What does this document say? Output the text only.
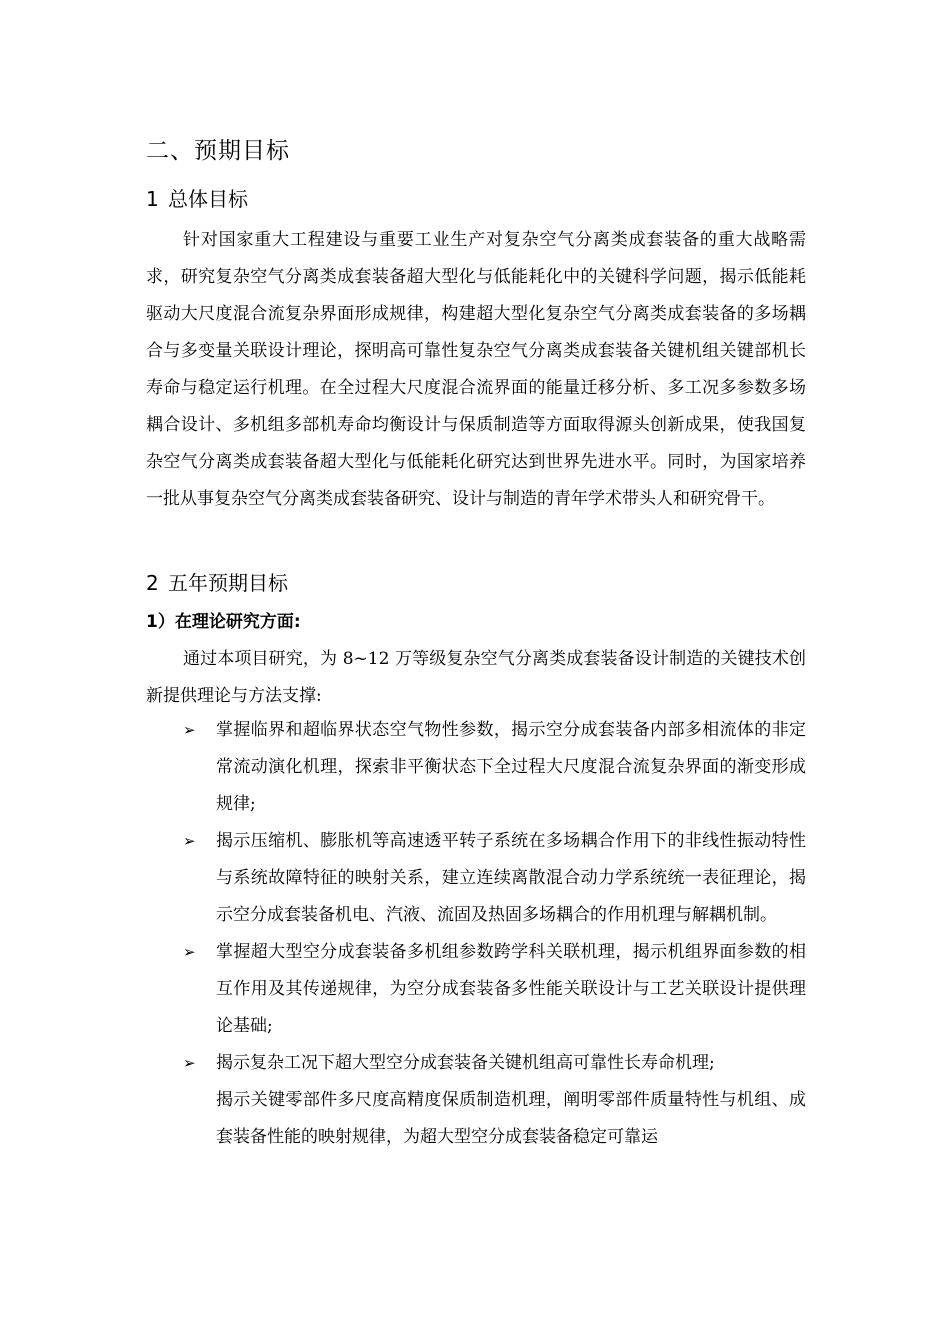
二、预期目标
1 总体目标

针对国家重大工程建设与重要工业生产对复杂空气分离类成套装备的重大战略需求，研究复杂空气分离类成套装备超大型化与低能耗化中的关键科学问题，揭示低能耗驱动大尺度混合流复杂界面形成规律，构建超大型化复杂空气分离类成套装备的多场耦合与多变量关联设计理论，探明高可靠性复杂空气分离类成套装备关键机组关键部机长寿命与稳定运行机理。在全过程大尺度混合流界面的能量迁移分析、多工况多参数多场耦合设计、多机组多部机寿命均衡设计与保质制造等方面取得源头创新成果，使我国复杂空气分离类成套装备超大型化与低能耗化研究达到世界先进水平。同时，为国家培养一批从事复杂空气分离类成套装备研究、设计与制造的青年学术带头人和研究骨干。

2 五年预期目标
1）在理论研究方面:

通过本项目研究，为 8~12 万等级复杂空气分离类成套装备设计制造的关键技术创新提供理论与方法支撑:

➢ 掌握临界和超临界状态空气物性参数，揭示空分成套装备内部多相流体的非定常流动演化机理，探索非平衡状态下全过程大尺度混合流复杂界面的渐变形成规律;
➢ 揭示压缩机、膨胀机等高速透平转子系统在多场耦合作用下的非线性振动特性与系统故障特征的映射关系，建立连续离散混合动力学系统统一表征理论，揭示空分成套装备机电、汽液、流固及热固多场耦合的作用机理与解耦机制。
➢ 掌握超大型空分成套装备多机组参数跨学科关联机理，揭示机组界面参数的相互作用及其传递规律，为空分成套装备多性能关联设计与工艺关联设计提供理论基础;
➢ 揭示复杂工况下超大型空分成套装备关键机组高可靠性长寿命机理;
揭示关键零部件多尺度高精度保质制造机理，阐明零部件质量特性与机组、成套装备性能的映射规律，为超大型空分成套装备稳定可靠运
